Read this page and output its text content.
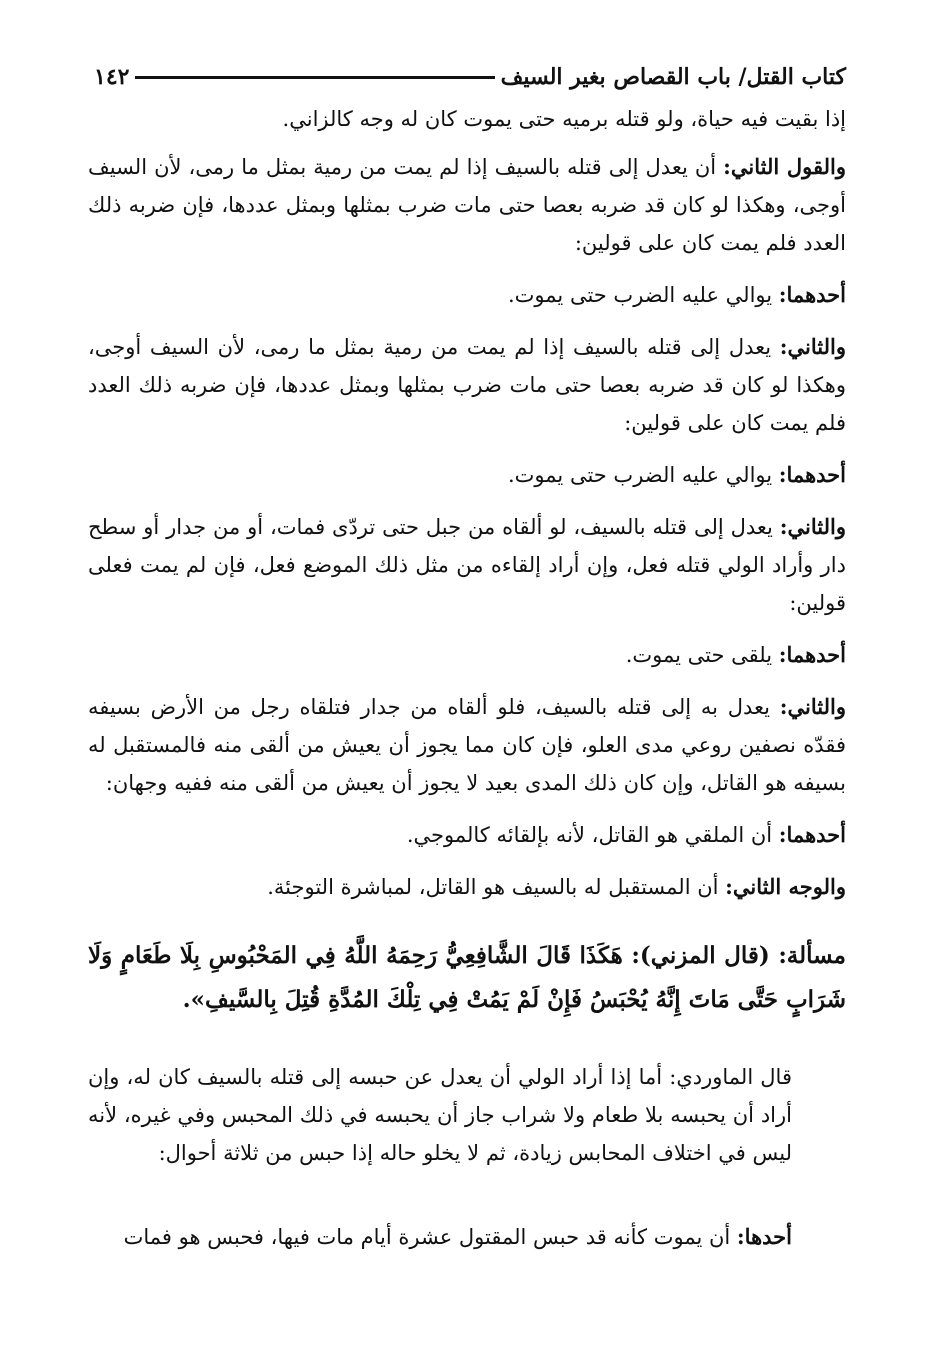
كتاب القتل/ باب القصاص بغير السيف
١٤٢

إذا بقيت فيه حياة، ولو قتله برميه حتى يموت كان له وجه كالزاني.

والقول الثاني: أن يعدل إلى قتله بالسيف إذا لم يمت من رمية بمثل ما رمى، لأن السيف أوجى، وهكذا لو كان قد ضربه بعصا حتى مات ضرب بمثلها وبمثل عددها، فإن ضربه ذلك العدد فلم يمت كان على قولين:

أحدهما: يوالي عليه الضرب حتى يموت.

والثاني: يعدل إلى قتله بالسيف إذا لم يمت من رمية بمثل ما رمى، لأن السيف أوجى، وهكذا لو كان قد ضربه بعصا حتى مات ضرب بمثلها وبمثل عددها، فإن ضربه ذلك العدد فلم يمت كان على قولين:

أحدهما: يوالي عليه الضرب حتى يموت.

والثاني: يعدل إلى قتله بالسيف، لو ألقاه من جبل حتى تردّى فمات، أو من جدار أو سطح دار وأراد الولي قتله فعل، وإن أراد إلقاءه من مثل ذلك الموضع فعل، فإن لم يمت فعلى قولين:

أحدهما: يلقى حتى يموت.

والثاني: يعدل به إلى قتله بالسيف، فلو ألقاه من جدار فتلقاه رجل من الأرض بسيفه فقدّه نصفين روعي مدى العلو، فإن كان مما يجوز أن يعيش من ألقى منه فالمستقبل له بسيفه هو القاتل، وإن كان ذلك المدى بعيد لا يجوز أن يعيش من ألقى منه ففيه وجهان:

أحدهما: أن الملقي هو القاتل، لأنه بإلقائه كالموجي.

والوجه الثاني: أن المستقبل له بالسيف هو القاتل، لمباشرة التوجئة.

مسألة: (قال المزني): هَكَذَا قَالَ الشَّافِعِيُّ رَحِمَهُ اللَّهُ فِي المَحْبُوسِ بِلَا طَعَامٍ وَلَا شَرَابٍ حَتَّى مَاتَ إِنَّهُ يُحْبَسُ فَإِنْ لَمْ يَمُتْ فِي تِلْكَ المُدَّةِ قُتِلَ بِالسَّيفِ».

قال الماوردي: أما إذا أراد الولي أن يعدل عن حبسه إلى قتله بالسيف كان له، وإن أراد أن يحبسه بلا طعام ولا شراب جاز أن يحبسه في ذلك المحبس وفي غيره، لأنه ليس في اختلاف المحابس زيادة، ثم لا يخلو حاله إذا حبس من ثلاثة أحوال:

أحدها: أن يموت كأنه قد حبس المقتول عشرة أيام مات فيها، فحبس هو فمات
